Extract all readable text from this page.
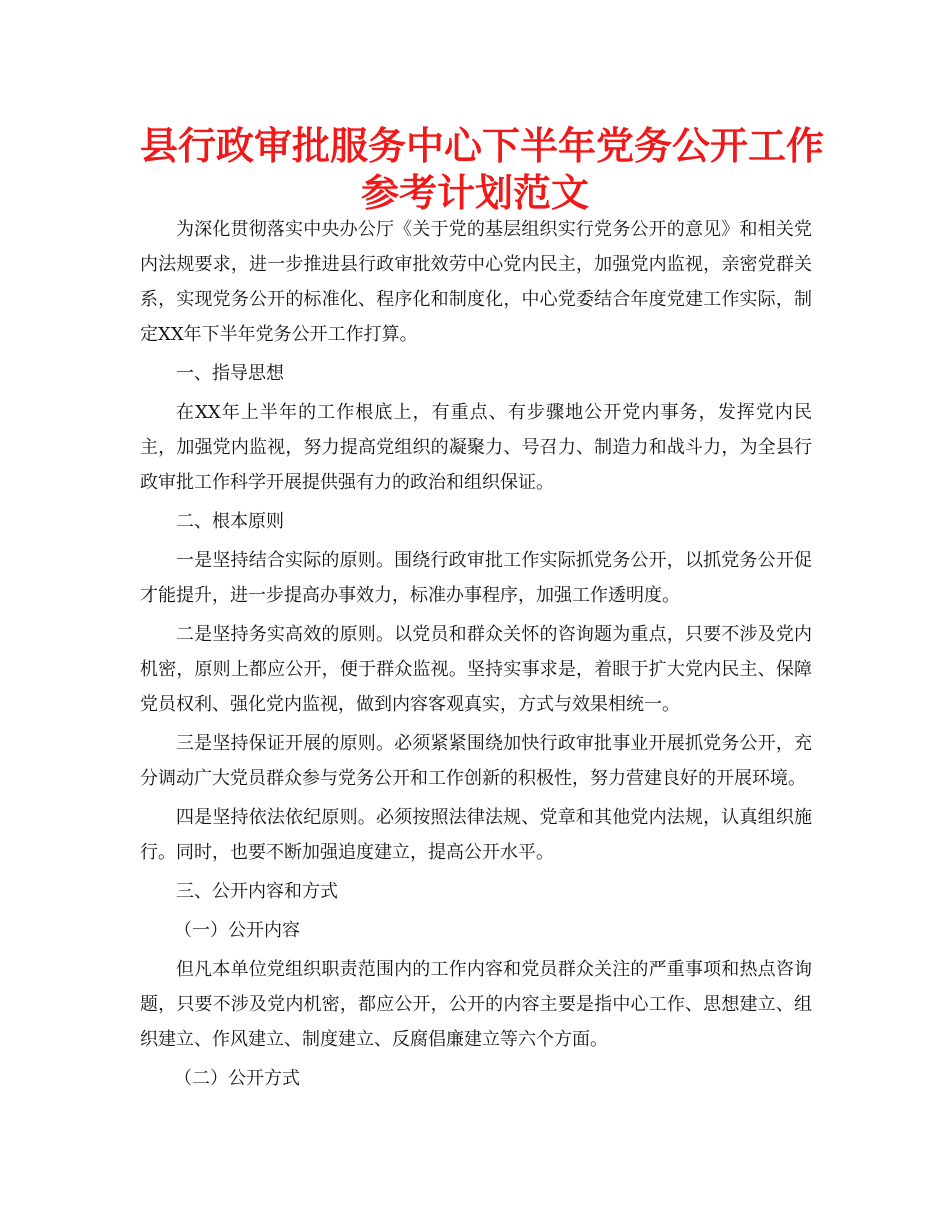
县行政审批服务中心下半年党务公开工作
参考计划范文

为深化贯彻落实中央办公厅《关于党的基层组织实行党务公开的意见》和相关党内法规要求，进一步推进县行政审批效劳中心党内民主，加强党内监视，亲密党群关系，实现党务公开的标准化、程序化和制度化，中心党委结合年度党建工作实际，制定XX年下半年党务公开工作打算。

一、指导思想

在XX年上半年的工作根底上，有重点、有步骤地公开党内事务，发挥党内民主，加强党内监视，努力提高党组织的凝聚力、号召力、制造力和战斗力，为全县行政审批工作科学开展提供强有力的政治和组织保证。

二、根本原则

一是坚持结合实际的原则。围绕行政审批工作实际抓党务公开，以抓党务公开促才能提升，进一步提高办事效力，标准办事程序，加强工作透明度。

二是坚持务实高效的原则。以党员和群众关怀的咨询题为重点，只要不涉及党内机密，原则上都应公开，便于群众监视。坚持实事求是，着眼于扩大党内民主、保障党员权利、强化党内监视，做到内容客观真实，方式与效果相统一。

三是坚持保证开展的原则。必须紧紧围绕加快行政审批事业开展抓党务公开，充分调动广大党员群众参与党务公开和工作创新的积极性，努力营建良好的开展环境。

四是坚持依法依纪原则。必须按照法律法规、党章和其他党内法规，认真组织施行。同时，也要不断加强追度建立，提高公开水平。

三、公开内容和方式

（一）公开内容

但凡本单位党组织职责范围内的工作内容和党员群众关注的严重事项和热点咨询题，只要不涉及党内机密，都应公开，公开的内容主要是指中心工作、思想建立、组织建立、作风建立、制度建立、反腐倡廉建立等六个方面。

（二）公开方式
